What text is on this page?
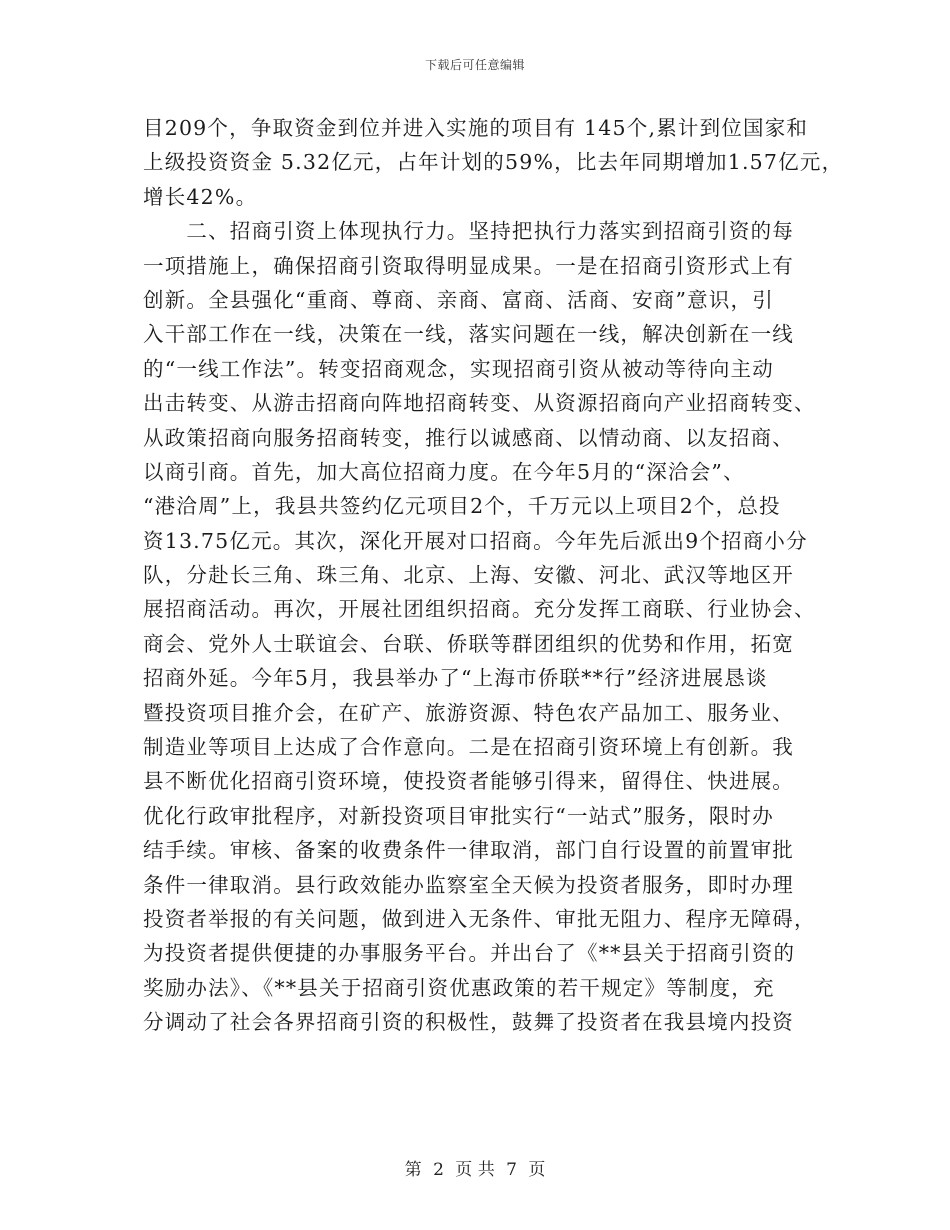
下载后可任意编辑
目209个，争取资金到位并进入实施的项目有 145个,累计到位国家和
上级投资资金 5.32亿元，占年计划的59%，比去年同期增加1.57亿元，
增长42%。
　　二、招商引资上体现执行力。坚持把执行力落实到招商引资的每
一项措施上，确保招商引资取得明显成果。一是在招商引资形式上有
创新。全县强化“重商、尊商、亲商、富商、活商、安商”意识，引
入干部工作在一线，决策在一线，落实问题在一线，解决创新在一线
的“一线工作法”。转变招商观念，实现招商引资从被动等待向主动
出击转变、从游击招商向阵地招商转变、从资源招商向产业招商转变、
从政策招商向服务招商转变，推行以诚感商、以情动商、以友招商、
以商引商。首先，加大高位招商力度。在今年5月的“深洽会”、
“港洽周”上，我县共签约亿元项目2个，千万元以上项目2个，总投
资13.75亿元。其次，深化开展对口招商。今年先后派出9个招商小分
队，分赴长三角、珠三角、北京、上海、安徽、河北、武汉等地区开
展招商活动。再次，开展社团组织招商。充分发挥工商联、行业协会、
商会、党外人士联谊会、台联、侨联等群团组织的优势和作用，拓宽
招商外延。今年5月，我县举办了“上海市侨联**行”经济进展恳谈
暨投资项目推介会，在矿产、旅游资源、特色农产品加工、服务业、
制造业等项目上达成了合作意向。二是在招商引资环境上有创新。我
县不断优化招商引资环境，使投资者能够引得来，留得住、快进展。
优化行政审批程序，对新投资项目审批实行“一站式”服务，限时办
结手续。审核、备案的收费条件一律取消，部门自行设置的前置审批
条件一律取消。县行政效能办监察室全天候为投资者服务，即时办理
投资者举报的有关问题，做到进入无条件、审批无阻力、程序无障碍，
为投资者提供便捷的办事服务平台。并出台了《**县关于招商引资的
奖励办法》、《**县关于招商引资优惠政策的若干规定》等制度，充
分调动了社会各界招商引资的积极性，鼓舞了投资者在我县境内投资
第 2 页 共 7 页
